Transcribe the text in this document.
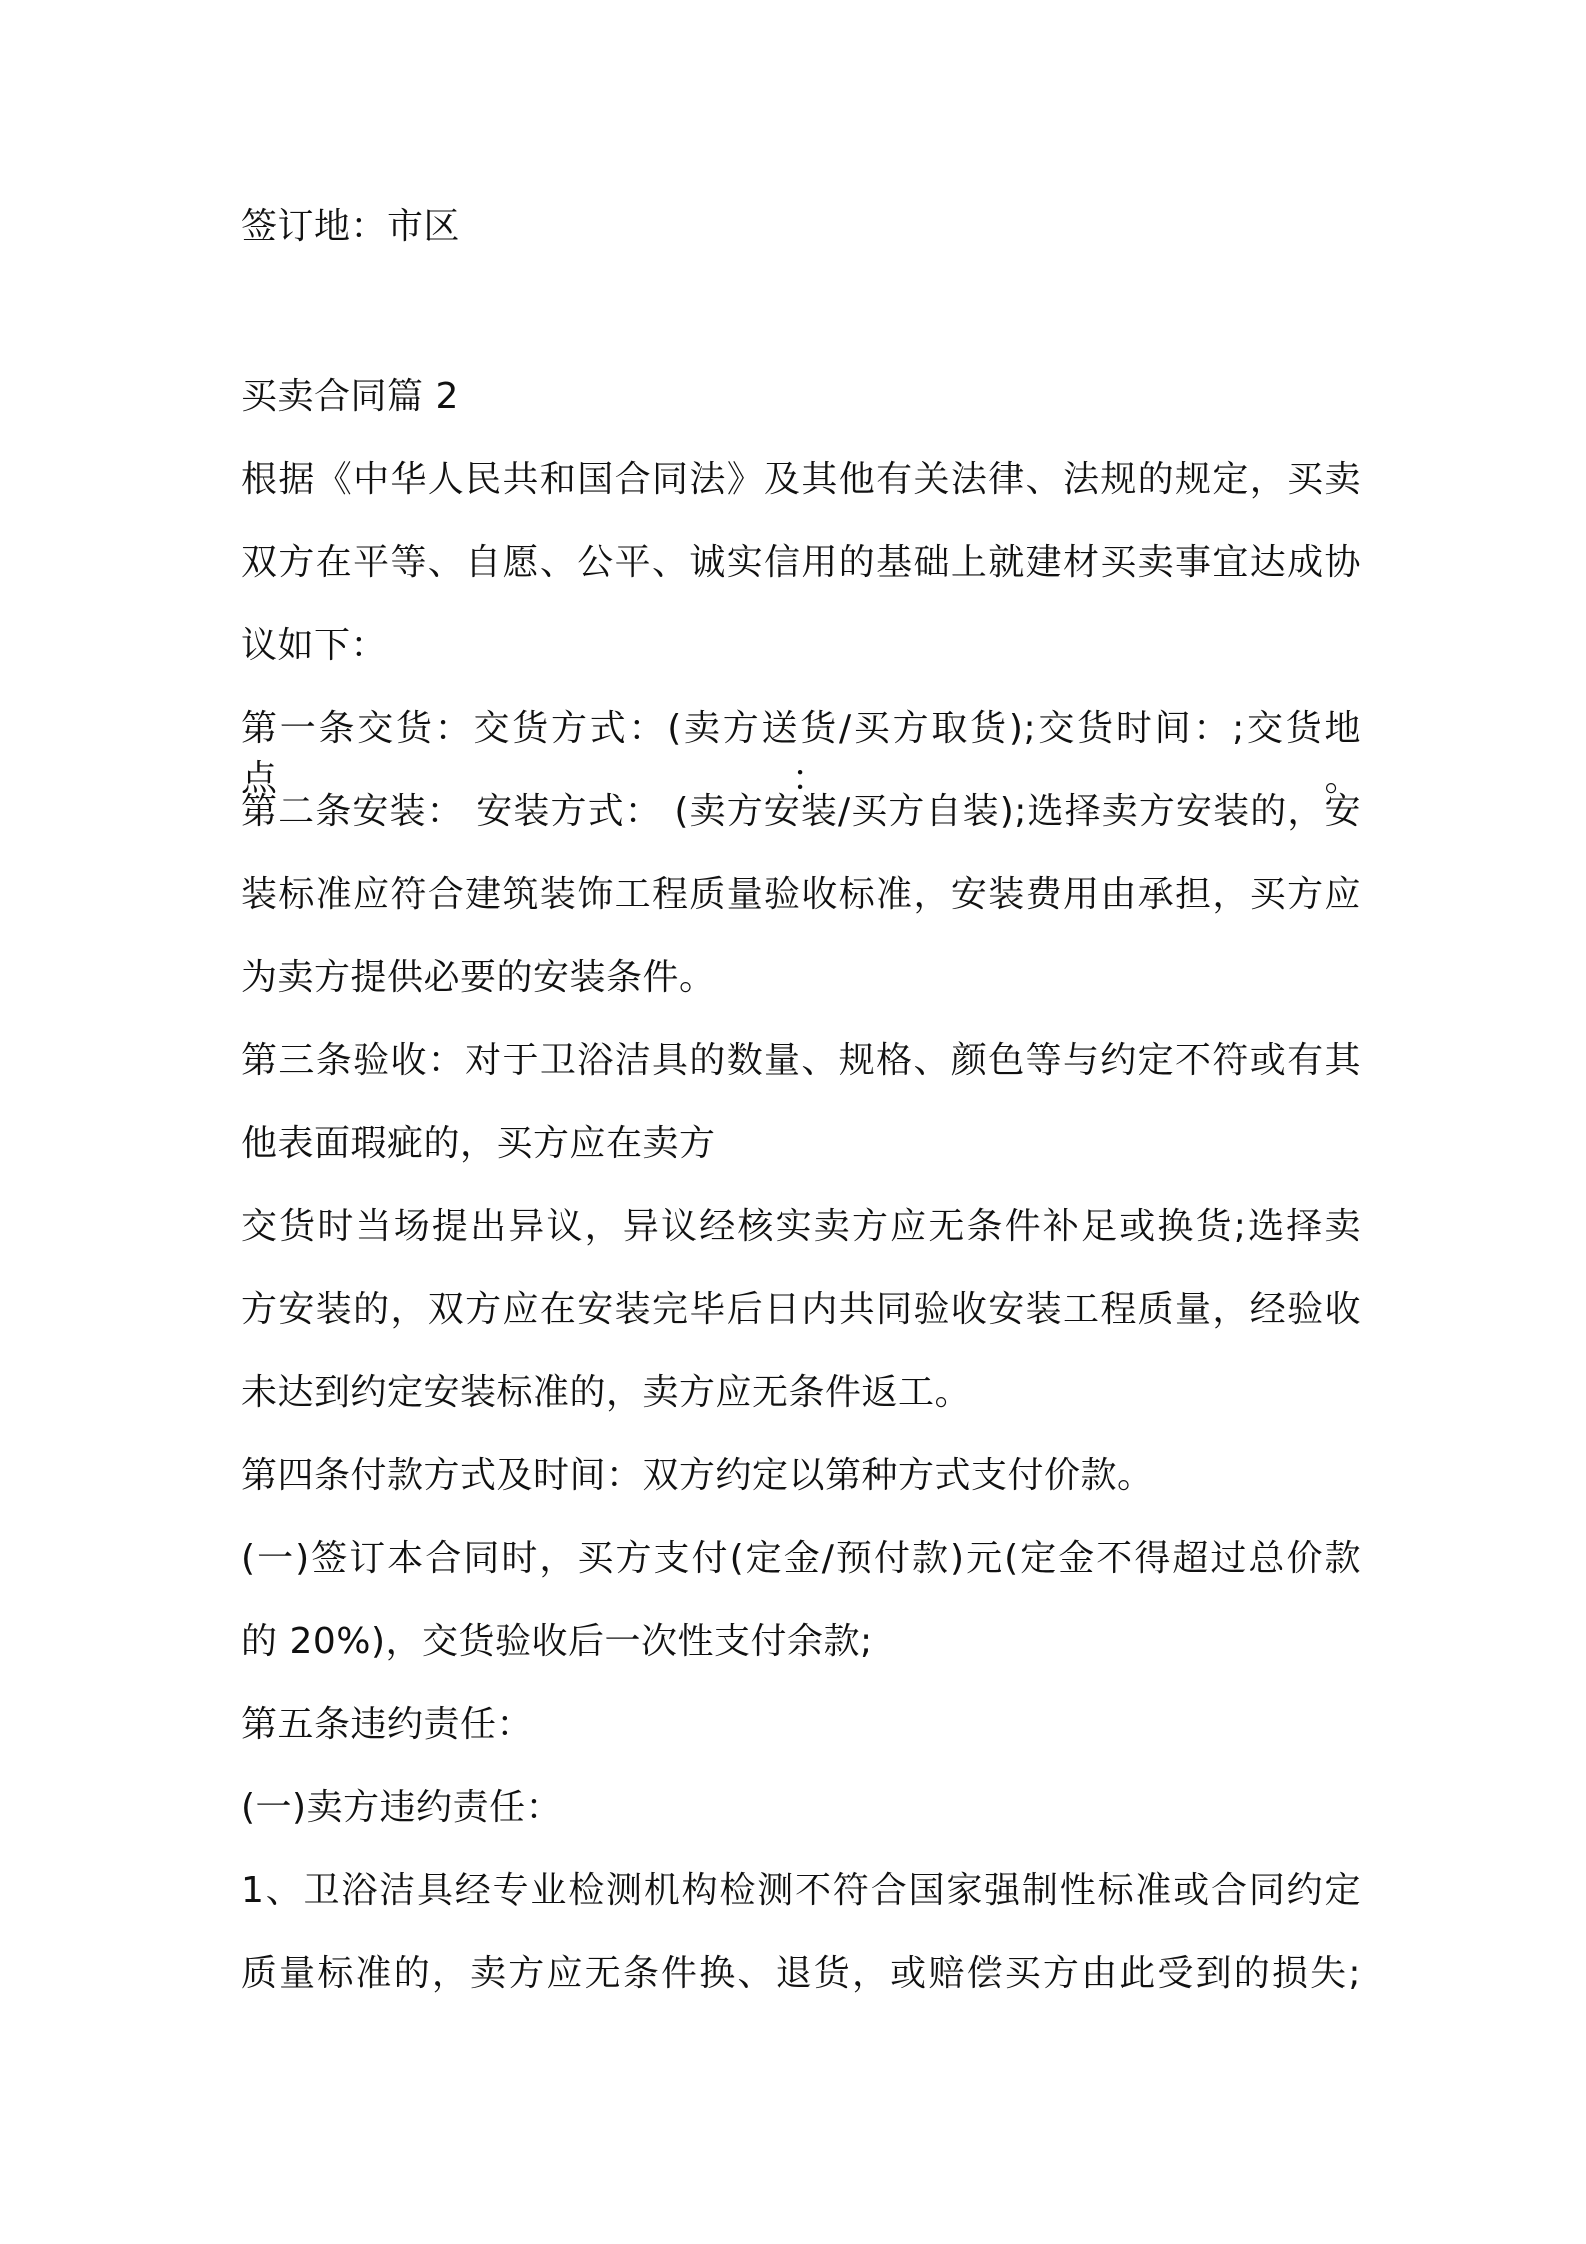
签订地：市区
买卖合同篇 2
根据《中华人民共和国合同法》及其他有关法律、法规的规定，买卖
双方在平等、自愿、公平、诚实信用的基础上就建材买卖事宜达成协
议如下：
第一条交货：交货方式：(卖方送货/买方取货);交货时间：;交货地点：。
第二条安装： 安装方式： (卖方安装/买方自装);选择卖方安装的，安
装标准应符合建筑装饰工程质量验收标准，安装费用由承担，买方应
为卖方提供必要的安装条件。
第三条验收：对于卫浴洁具的数量、规格、颜色等与约定不符或有其
他表面瑕疵的，买方应在卖方
交货时当场提出异议，异议经核实卖方应无条件补足或换货;选择卖
方安装的，双方应在安装完毕后日内共同验收安装工程质量，经验收
未达到约定安装标准的，卖方应无条件返工。
第四条付款方式及时间：双方约定以第种方式支付价款。
(一)签订本合同时，买方支付(定金/预付款)元(定金不得超过总价款
的 20%)，交货验收后一次性支付余款;
第五条违约责任：
(一)卖方违约责任：
1、卫浴洁具经专业检测机构检测不符合国家强制性标准或合同约定
质量标准的，卖方应无条件换、退货，或赔偿买方由此受到的损失;
